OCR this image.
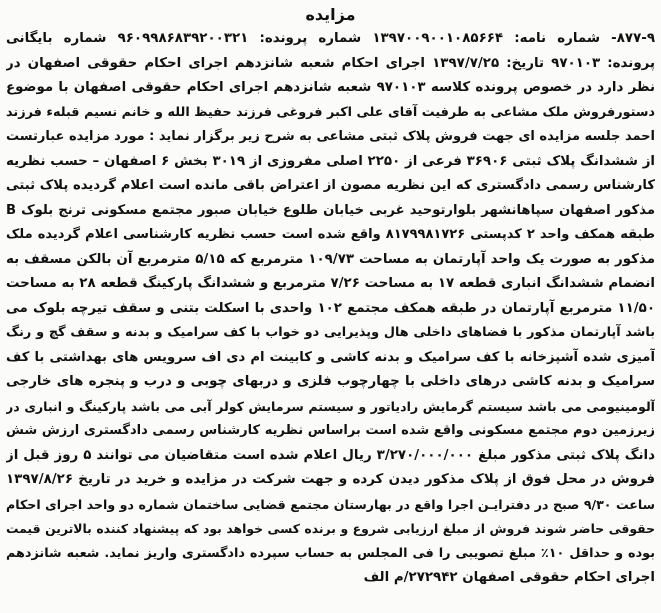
مزایده
۸۷۷-۹- شماره نامه: ۱۳۹۷۰۰۹۰۰۱۰۸۵۶۶۴ شماره پرونده: ۹۶۰۹۹۸۶۸۳۹۲۰۰۳۲۱ شماره بایگانی
پرونده: ۹۷۰۱۰۳ تاریخ: ۱۳۹۷/۷/۲۵ اجرای احکام شعبه شانزدهم اجرای احکام حقوقی اصفهان در
نظر دارد در خصوص پرونده کلاسه ۹۷۰۱۰۳ شعبه شانزدهم اجرای احکام حقوقی اصفهان با موضوع
دستورفروش ملک مشاعی به طرفیت آقای علی اکبر فروغی فرزند حفیظ الله و خانم نسیم قبلهء فرزند
احمد جلسه مزایده ای جهت فروش پلاک ثبتی مشاعی به شرح زیر برگزار نماید : مورد مزایده عبارتست
از ششدانگ پلاک ثبتی ۳۶۹۰۶ فرعی از ۲۲۵۰ اصلی مفروزی از ۳۰۱۹ بخش ۶ اصفهان – حسب نظریه
کارشناس رسمی دادگستری که این نظریه مصون از اعتراض باقی مانده است اعلام گردیده پلاک ثبتی
مذکور اصفهان سپاهانشهر بلوارتوحید غربی خیابان طلوع خیابان صبور مجتمع مسکونی ترنج بلوک B
طبقه همکف واحد ۲ کدپستی ۸۱۷۹۹۸۱۷۲۶ واقع شده است حسب نظریه کارشناسی اعلام گردیده ملک
مذکور به صورت یک واحد آپارتمان به مساحت ۱۰۹/۷۳ مترمربع که ۵/۱۵ مترمربع آن بالکن مسقف به
انضمام ششدانگ انباری قطعه ۱۷ به مساحت ۷/۲۶ مترمربع و ششدانگ پارکینگ قطعه ۲۸ به مساحت
۱۱/۵۰ مترمربع آپارتمان در طبقه همکف مجتمع ۱۰۲ واحدی با اسکلت بتنی و سقف تیرچه بلوک می
باشد آپارتمان مذکور با فضاهای داخلی هال وپذیرایی دو خواب با کف سرامیک و بدنه و سقف گچ و رنگ
آمیزی شده آشپزخانه با کف سرامیک و بدنه کاشی و کابینت ام دی اف سرویس های بهداشتی با کف
سرامیک و بدنه کاشی درهای داخلی با چهارچوب فلزی و دربهای چوبی و درب و پنجره های خارجی
آلومینیومی می باشد سیستم گرمایش رادیاتور و سیستم سرمایش کولر آبی می باشد پارکینگ و انباری در
زیرزمین دوم مجتمع مسکونی واقع شده است براساس نظریه کارشناس رسمی دادگستری ارزش شش
دانگ پلاک ثبتی مذکور مبلغ ۳/۲۷۰/۰۰۰/۰۰۰ ریال اعلام شده است متقاضیان می توانند ۵ روز قبل از
فروش در محل فوق از پلاک مذکور دیدن کرده و جهت شرکت در مزایده و خرید در تاریخ ۱۳۹۷/۸/۲۶
ساعت ۹/۳۰ صبح در دفترایـن اجرا واقع در بهارستان مجتمع قضایی ساختمان شماره دو واحد اجرای احکام
حقوقی حاضر شوند فروش از مبلغ ارزیابی شروع و برنده کسی خواهد بود که پیشنهاد کننده بالاترین قیمت
بوده و حداقل ۱۰٪ مبلغ تصویبی را فی المجلس به حساب سپرده دادگستری واریز نماید. شعبه شانزدهم
اجرای احکام حقوقی اصفهان ۲۷۲۹۴۲/م الف
